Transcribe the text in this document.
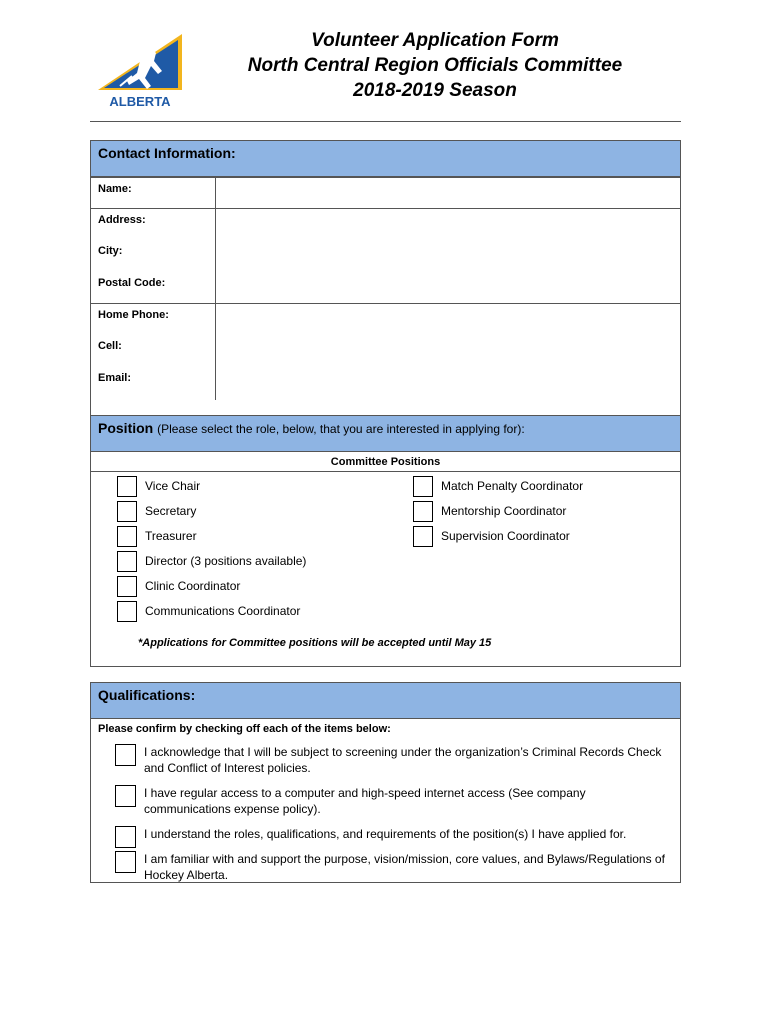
ALBERTA
Volunteer Application Form
North Central Region Officials Committee
2018-2019 Season
Contact Information:
Name:
Address:
City:
Postal Code:
Home Phone:
Cell:
Email:
Position (Please select the role, below, that you are interested in applying for):
Committee Positions
Vice Chair
Secretary
Treasurer
Director (3 positions available)
Clinic Coordinator
Communications Coordinator
Match Penalty Coordinator
Mentorship Coordinator
Supervision Coordinator
*Applications for Committee positions will be accepted until May 15
Qualifications:
Please confirm by checking off each of the items below:
I acknowledge that I will be subject to screening under the organization’s Criminal Records Check and Conflict of Interest policies.
I have regular access to a computer and high-speed internet access (See company communications expense policy).
I understand the roles, qualifications, and requirements of the position(s) I have applied for.
I am familiar with and support the purpose, vision/mission, core values, and Bylaws/Regulations of Hockey Alberta.
